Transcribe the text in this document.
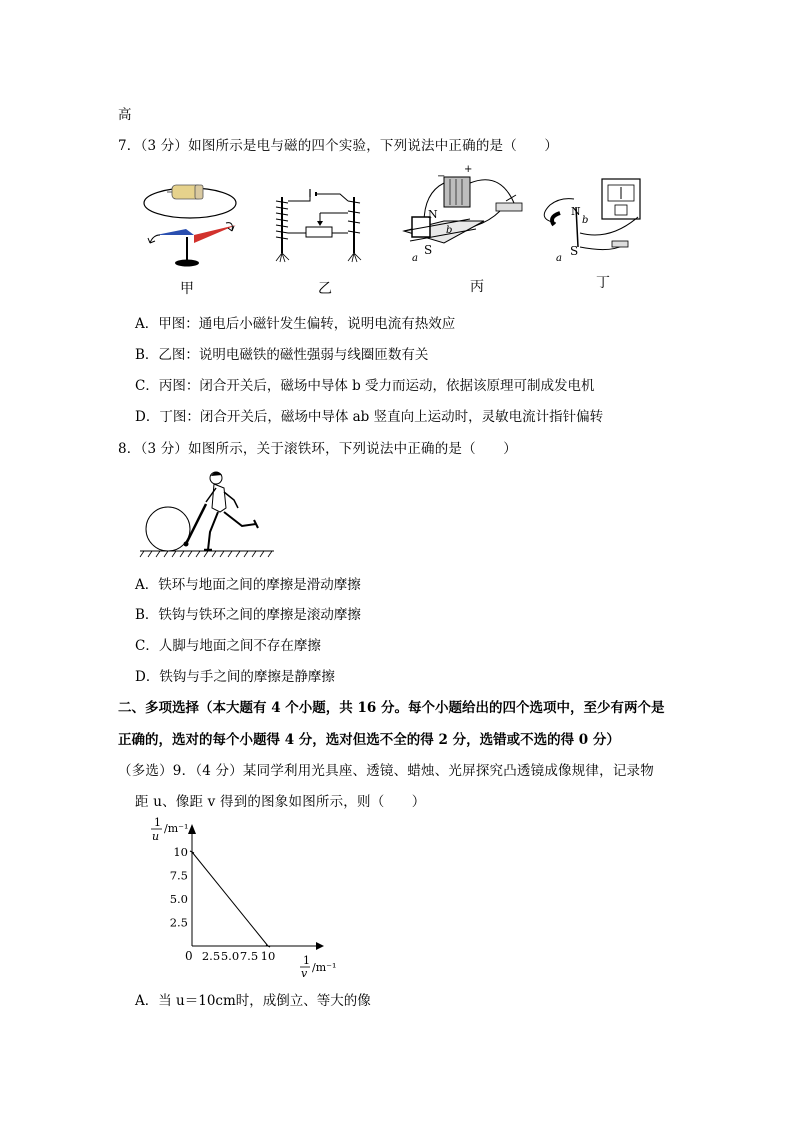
高
7．（3 分）如图所示是电与磁的四个实验，下列说法中正确的是（　　）
+
−
N
b
S
a
N
b
S
a
甲	乙	丙	丁
A．甲图：通电后小磁针发生偏转，说明电流有热效应
B．乙图：说明电磁铁的磁性强弱与线圈匝数有关
C．丙图：闭合开关后，磁场中导体 b 受力而运动，依据该原理可制成发电机
D．丁图：闭合开关后，磁场中导体 ab 竖直向上运动时，灵敏电流计指针偏转
8．（3 分）如图所示，关于滚铁环，下列说法中正确的是（　　）
A．铁环与地面之间的摩擦是滑动摩擦
B．铁钩与铁环之间的摩擦是滚动摩擦
C．人脚与地面之间不存在摩擦
D．铁钩与手之间的摩擦是静摩擦
二、多项选择（本大题有 4 个小题，共 16 分。每个小题给出的四个选项中，至少有两个是
正确的，选对的每个小题得 4 分，选对但选不全的得 2 分，选错或不选的得 0 分）
（多选）9．（4 分）某同学利用光具座、透镜、蜡烛、光屏探究凸透镜成像规律，记录物
距 u、像距 v 得到的图象如图所示，则（　　）
1
u
/m⁻¹
1
v /m⁻¹
0 2.5 5.0 7.5 10
2.5
5.0
7.5
10
A．当 u＝10cm时，成倒立、等大的像
